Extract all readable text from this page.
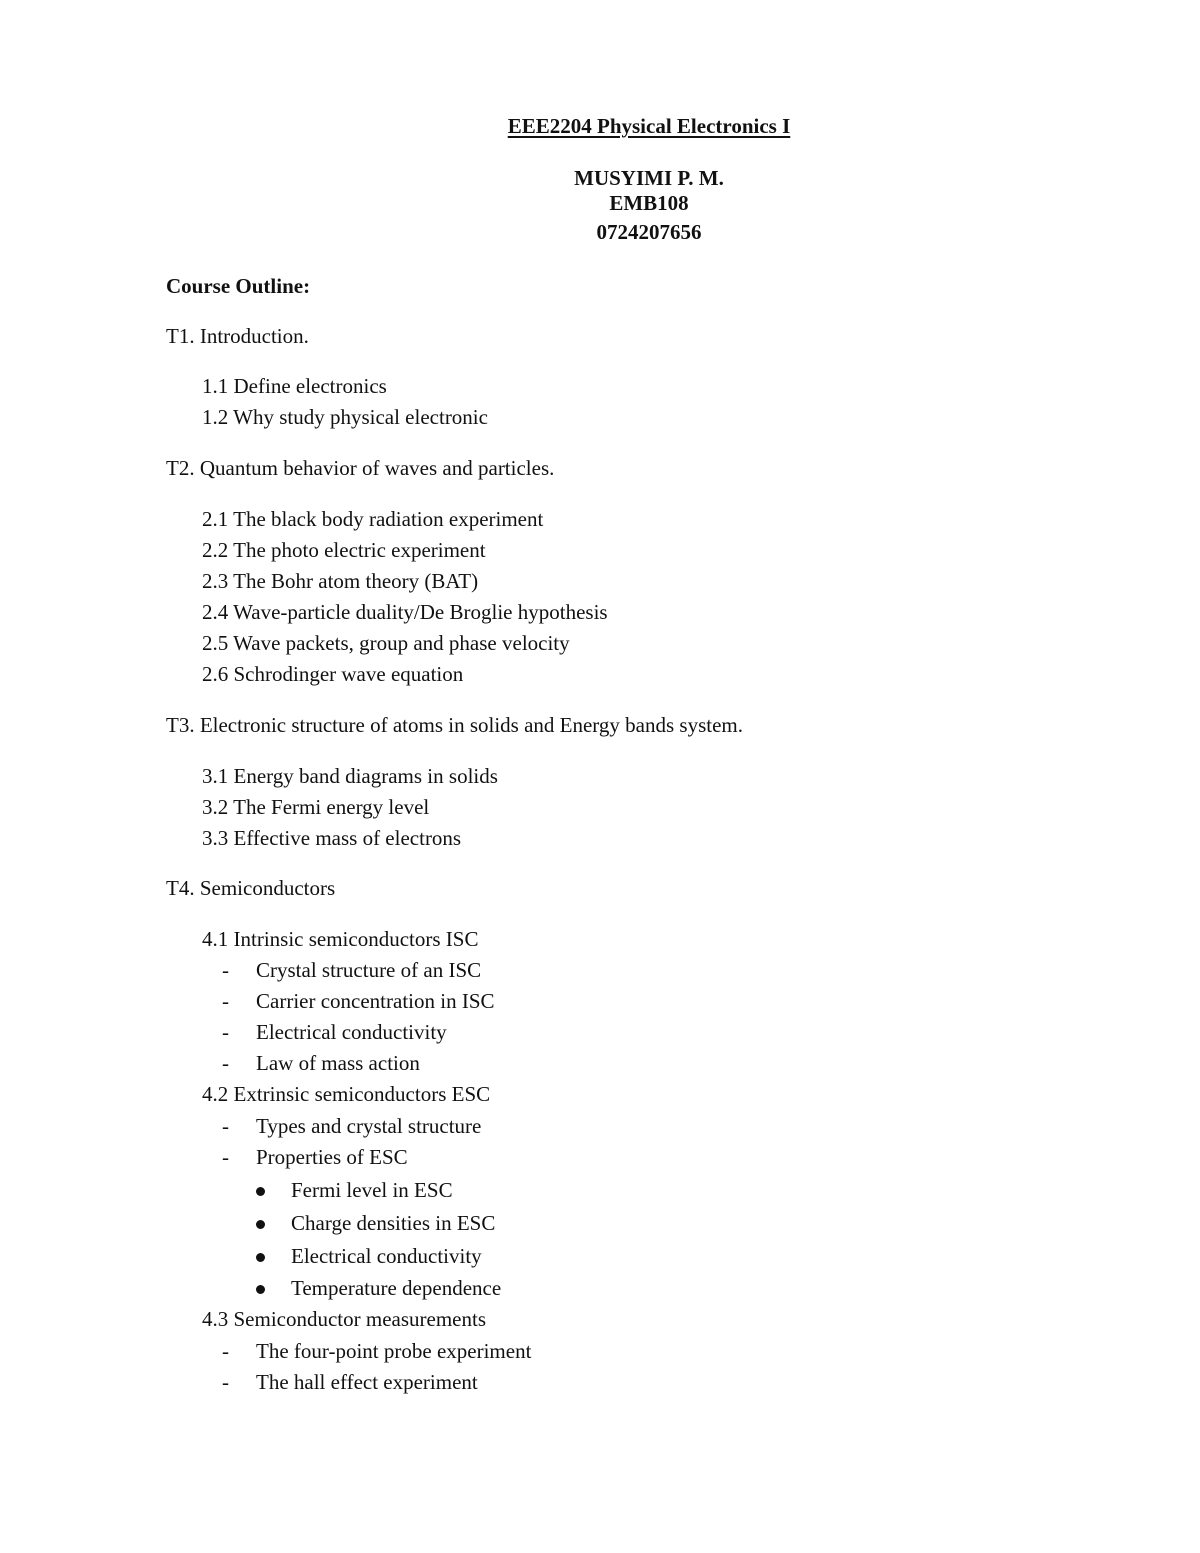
EEE2204 Physical Electronics I
MUSYIMI P. M.
EMB108
0724207656
Course Outline:
T1. Introduction.
1.1 Define electronics
1.2 Why study physical electronic
T2. Quantum behavior of waves and particles.
2.1 The black body radiation experiment
2.2 The photo electric experiment
2.3 The Bohr atom theory (BAT)
2.4 Wave-particle duality/De Broglie hypothesis
2.5 Wave packets, group and phase velocity
2.6 Schrodinger wave equation
T3. Electronic structure of atoms in solids and Energy bands system.
3.1 Energy band diagrams in solids
3.2 The Fermi energy level
3.3 Effective mass of electrons
T4. Semiconductors
4.1 Intrinsic semiconductors ISC
- Crystal structure of an ISC
- Carrier concentration in ISC
- Electrical conductivity
- Law of mass action
4.2 Extrinsic semiconductors ESC
- Types and crystal structure
- Properties of ESC
Fermi level in ESC
Charge densities in ESC
Electrical conductivity
Temperature dependence
4.3 Semiconductor measurements
- The four-point probe experiment
- The hall effect experiment
